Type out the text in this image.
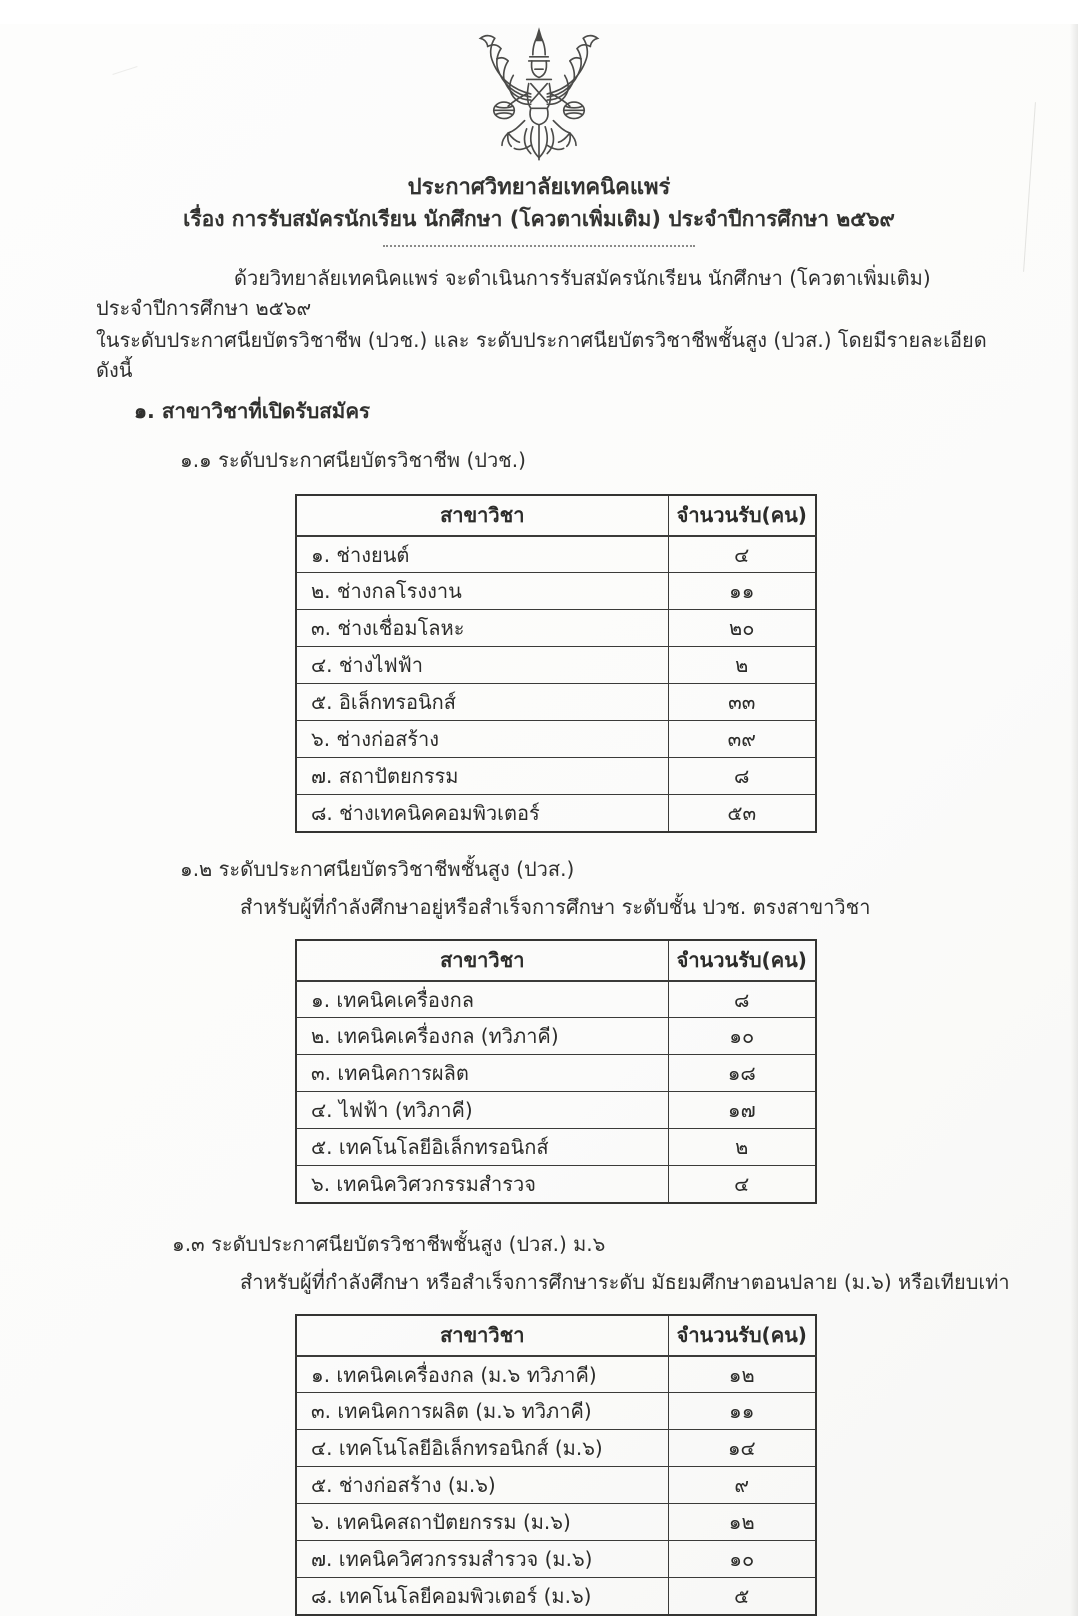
ประกาศวิทยาลัยเทคนิคแพร่
เรื่อง การรับสมัครนักเรียน นักศึกษา (โควตาเพิ่มเติม) ประจำปีการศึกษา ๒๕๖๙

ด้วยวิทยาลัยเทคนิคแพร่ จะดำเนินการรับสมัครนักเรียน นักศึกษา (โควตาเพิ่มเติม) ประจำปีการศึกษา ๒๕๖๙

ในระดับประกาศนียบัตรวิชาชีพ (ปวช.) และ ระดับประกาศนียบัตรวิชาชีพชั้นสูง (ปวส.) โดยมีรายละเอียดดังนี้

๑. สาขาวิชาที่เปิดรับสมัคร
๑.๑ ระดับประกาศนียบัตรวิชาชีพ (ปวช.)
สาขาวิชา	จำนวนรับ(คน)
๑. ช่างยนต์	๔
๒. ช่างกลโรงงาน	๑๑
๓. ช่างเชื่อมโลหะ	๒๐
๔. ช่างไฟฟ้า	๒
๕. อิเล็กทรอนิกส์	๓๓
๖. ช่างก่อสร้าง	๓๙
๗. สถาปัตยกรรม	๘
๘. ช่างเทคนิคคอมพิวเตอร์	๕๓
๑.๒ ระดับประกาศนียบัตรวิชาชีพชั้นสูง (ปวส.)
สำหรับผู้ที่กำลังศึกษาอยู่หรือสำเร็จการศึกษา ระดับชั้น ปวช. ตรงสาขาวิชา
สาขาวิชา	จำนวนรับ(คน)
๑. เทคนิคเครื่องกล	๘
๒. เทคนิคเครื่องกล (ทวิภาคี)	๑๐
๓. เทคนิคการผลิต	๑๘
๔. ไฟฟ้า (ทวิภาคี)	๑๗
๕. เทคโนโลยีอิเล็กทรอนิกส์	๒
๖. เทคนิควิศวกรรมสำรวจ	๔
๑.๓ ระดับประกาศนียบัตรวิชาชีพชั้นสูง (ปวส.) ม.๖
สำหรับผู้ที่กำลังศึกษา หรือสำเร็จการศึกษาระดับ มัธยมศึกษาตอนปลาย (ม.๖) หรือเทียบเท่า
สาขาวิชา	จำนวนรับ(คน)
๑. เทคนิคเครื่องกล (ม.๖ ทวิภาคี)	๑๒
๓. เทคนิคการผลิต (ม.๖ ทวิภาคี)	๑๑
๔. เทคโนโลยีอิเล็กทรอนิกส์ (ม.๖)	๑๔
๕. ช่างก่อสร้าง (ม.๖)	๙
๖. เทคนิคสถาปัตยกรรม (ม.๖)	๑๒
๗. เทคนิควิศวกรรมสำรวจ (ม.๖)	๑๐
๘. เทคโนโลยีคอมพิวเตอร์ (ม.๖)	๕
